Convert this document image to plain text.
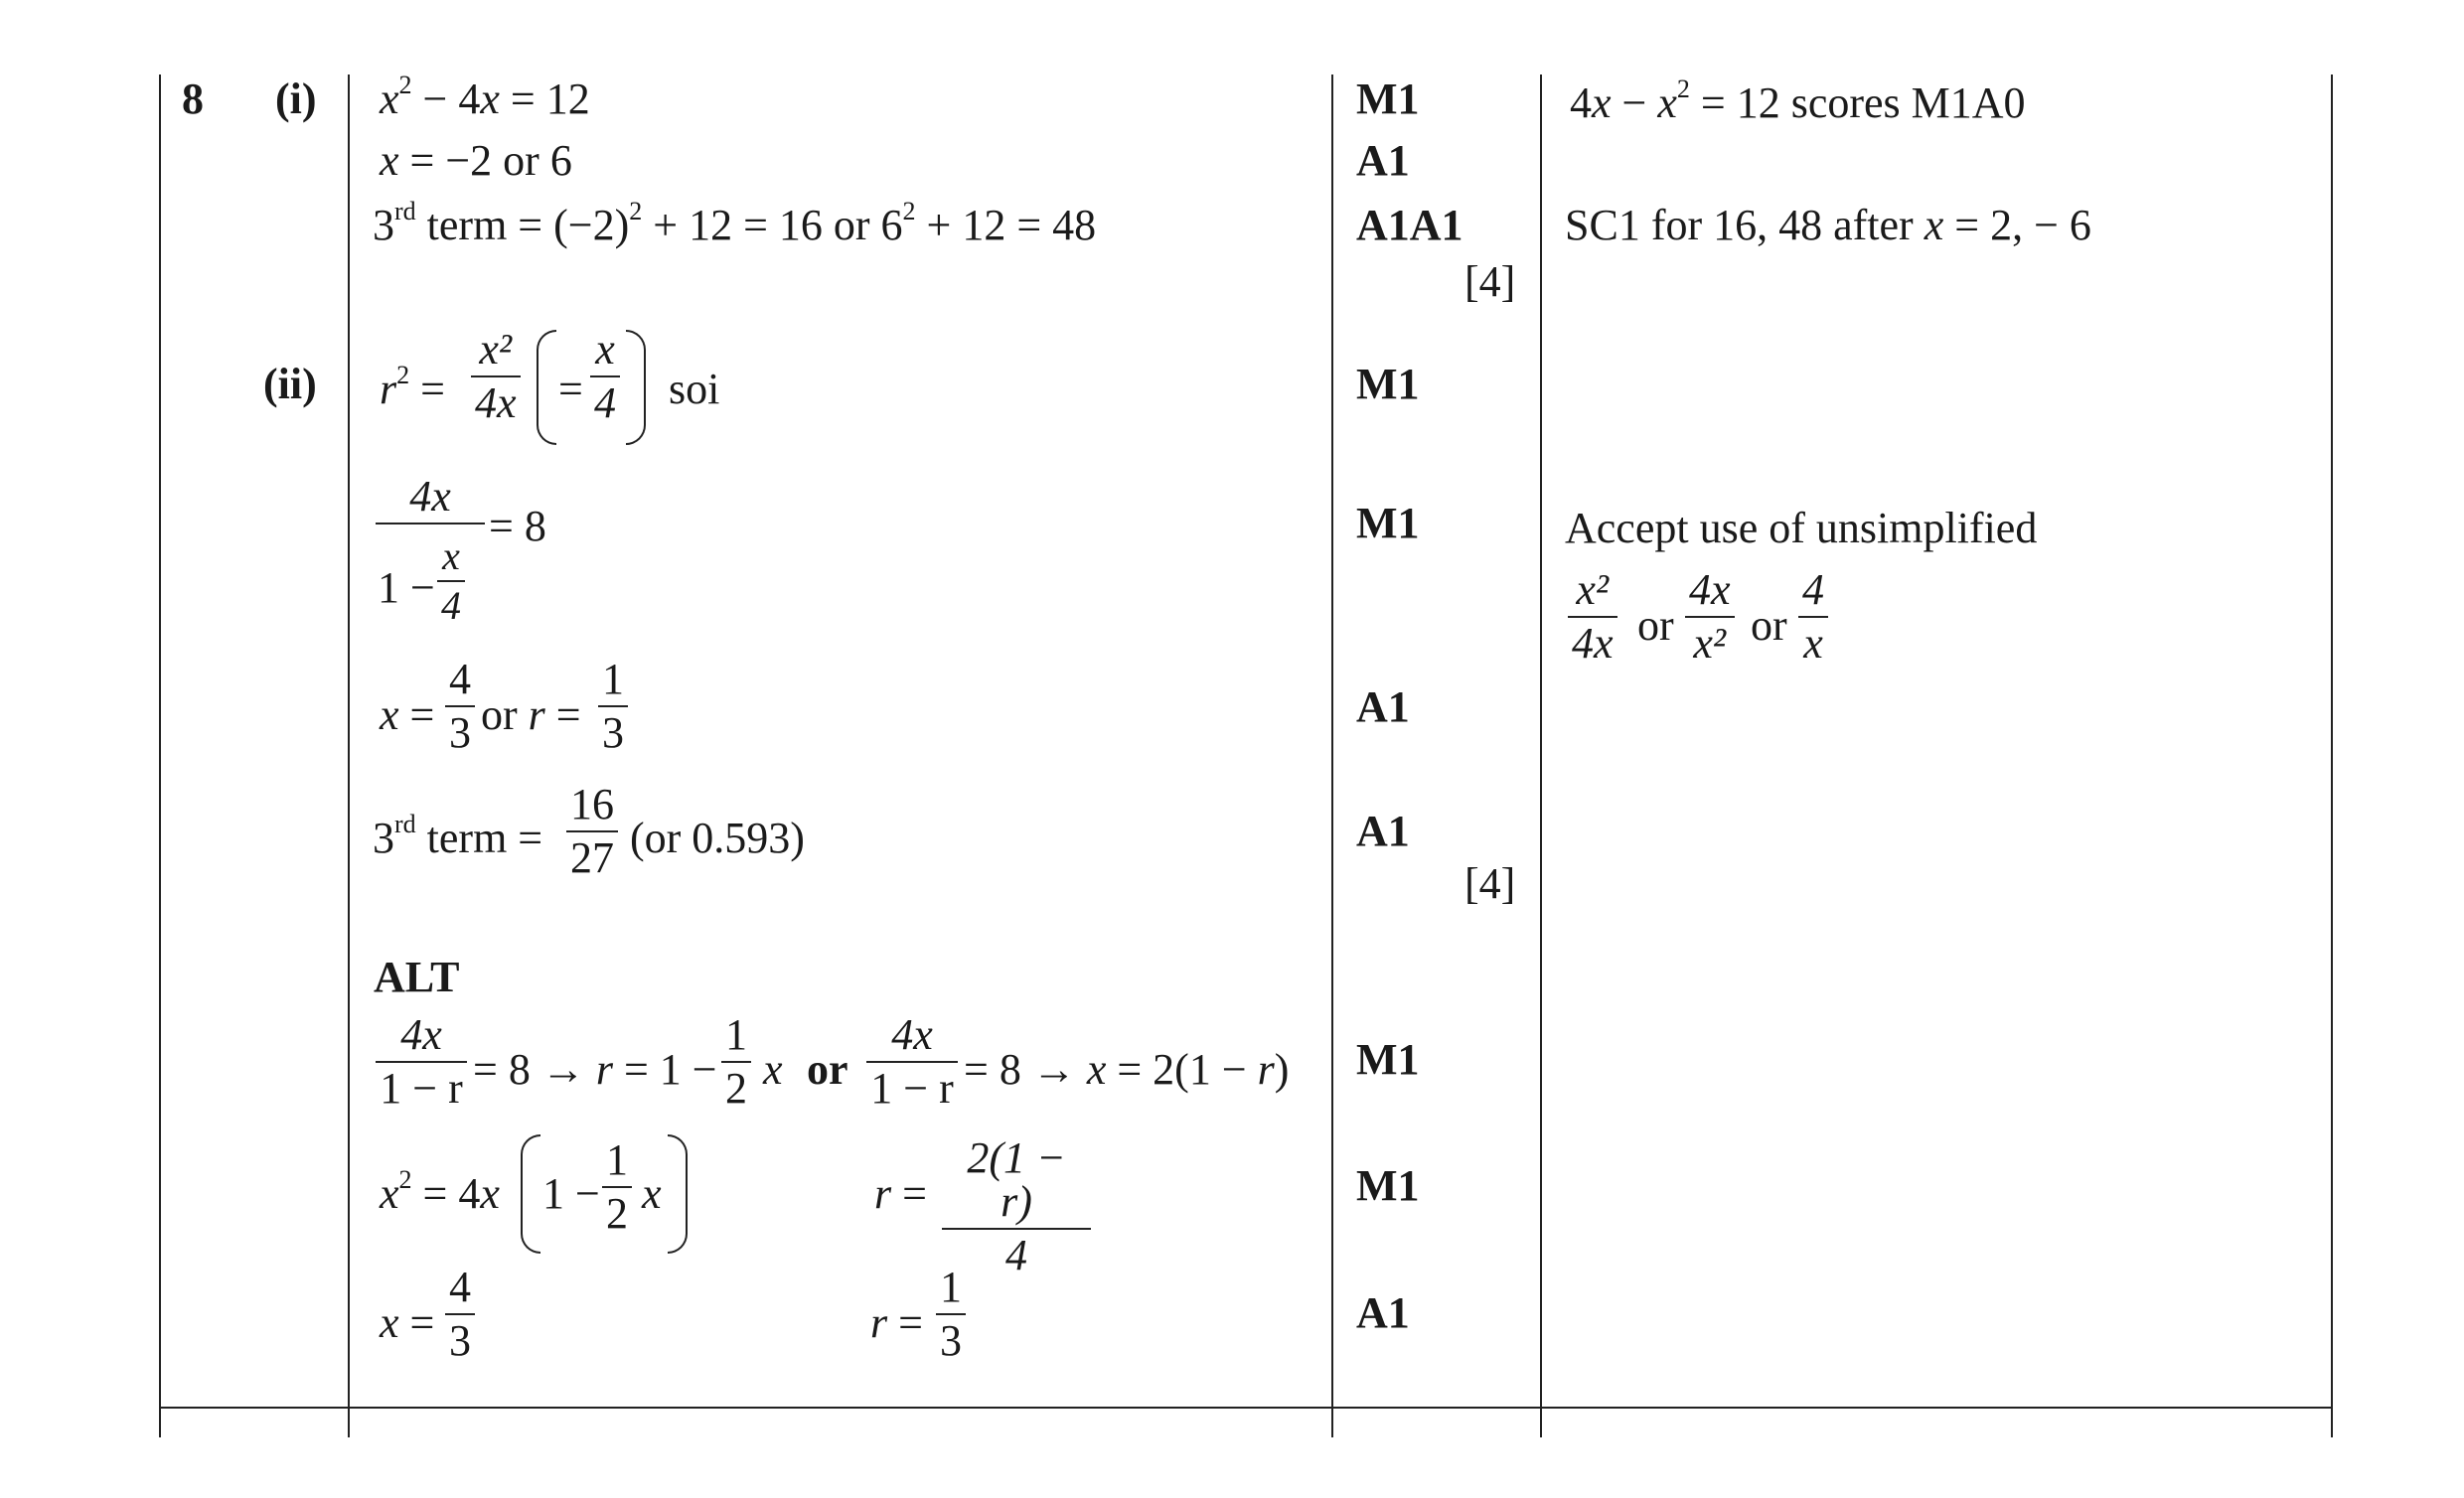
8 (i)
(ii)
$x^2 - 4x = 12$
x = −2 or 6
3rd term = $(-2)^2 + 12 = 16$ or $6^2 + 12 = 48$
M1
A1
A1A1
[4]
$4x - x^2 = 12$ scores M1A0
SC1 for 16, 48 after x = 2, − 6
$r^2$ =
x²
4x =
x
4 soi
4x
1 −
x
4
= 8
x =
4
3 or r =
1
3
3rd term =
16
27 (or 0.593)
M1
M1
A1
A1
[4]
Accept use of unsimplified
x²
4x or
4x
x² or
4
x
ALT
4x
1 − r = 8 → r = 1 −
1
2 x or
4x
1 − r = 8 → x = 2(1 − r)
$x^2 = 4x$ 1 −
1
2 x	r =
2(1 − r)
4
x =
4
3	r =
1
3
M1
M1
A1
